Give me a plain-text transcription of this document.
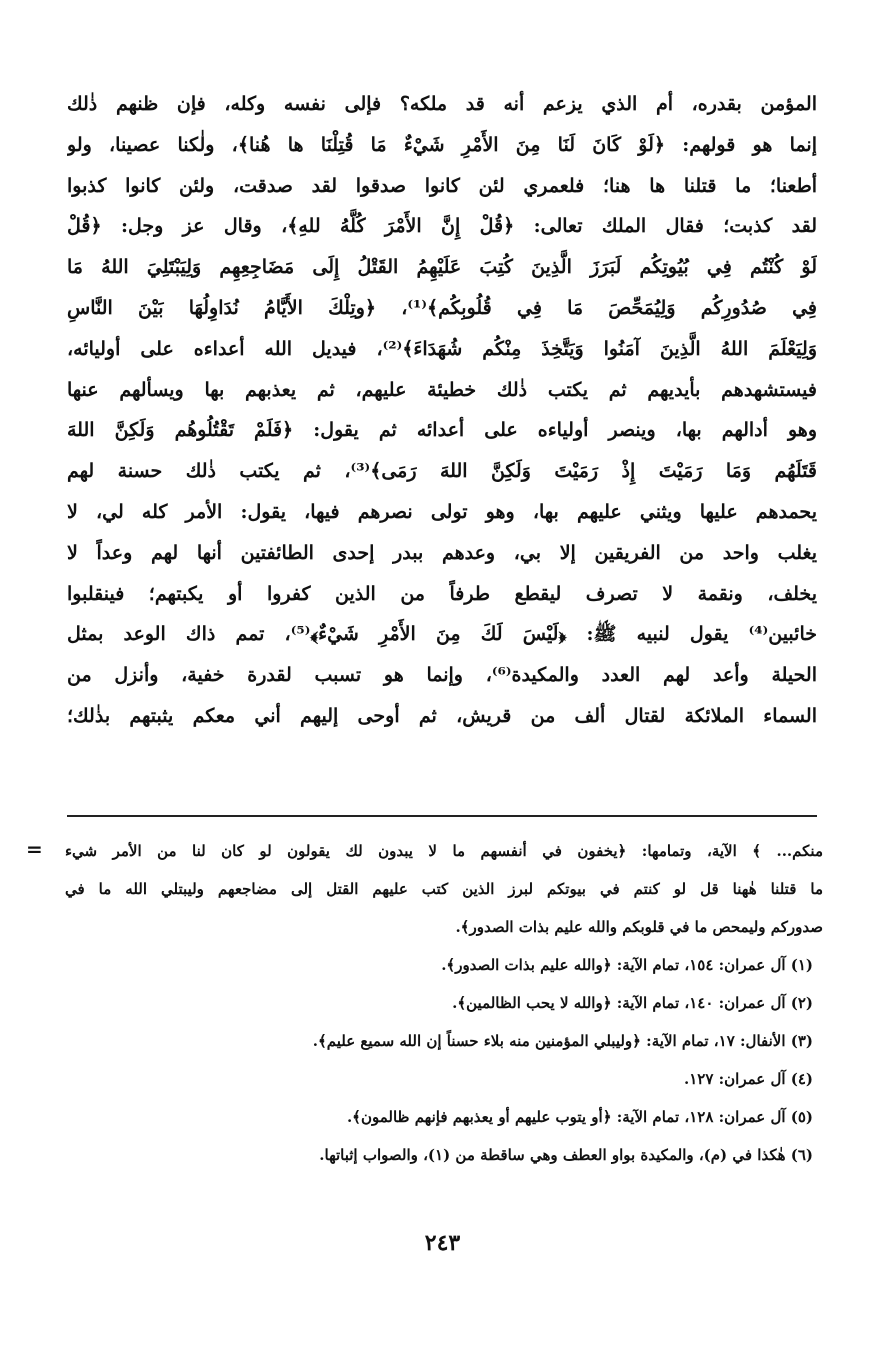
المؤمن بقدره، أم الذي يزعم أنه قد ملكه؟ فإلى نفسه وكله، فإن ظنهم ذٰلك
إنما هو قولهم: ﴿لَوْ كَانَ لَنَا مِنَ الأَمْرِ شَيْءٌ مَا قُتِلْنَا ها هُنا﴾، ولٰكنا عصينا، ولو
أطعنا؛ ما قتلنا ها هنا؛ فلعمري لئن كانوا صدقوا لقد صدقت، ولئن كانوا كذبوا
لقد كذبت؛ فقال الملك تعالى: ﴿قُلْ إِنَّ الأَمْرَ كُلَّهُ للهِ﴾، وقال عز وجل: ﴿قُلْ
لَوْ كُنْتُم فِي بُيُوتِكُم لَبَرَزَ الَّذِينَ كُتِبَ عَلَيْهِمُ القَتْلُ إِلَى مَضَاجِعِهِم وَلِيَبْتَلِيَ اللهُ مَا
فِي صُدُورِكُم وَلِيُمَحِّصَ مَا فِي قُلُوبِكُم﴾⁽¹⁾، ﴿وتِلْكَ الأَيَّامُ نُدَاوِلُهَا بَيْنَ النَّاسِ
وَلِيَعْلَمَ اللهُ الَّذِينَ آمَنُوا وَيَتَّخِذَ مِنْكُم شُهَدَاءَ﴾⁽²⁾، فيديل الله أعداءه على أوليائه،
فيستشهدهم بأيديهم ثم يكتب ذٰلك خطيئة عليهم، ثم يعذبهم بها ويسألهم عنها
وهو أدالهم بها، وينصر أولياءه على أعدائه ثم يقول: ﴿فَلَمْ تَقْتُلُوهُم وَلَكِنَّ اللهَ
قَتَلَهُم وَمَا رَمَيْتَ إِذْ رَمَيْتَ وَلَكِنَّ اللهَ رَمَى﴾⁽³⁾، ثم يكتب ذٰلك حسنة لهم
يحمدهم عليها ويثني عليهم بها، وهو تولى نصرهم فيها، يقول: الأمر كله لي، لا
يغلب واحد من الفريقين إلا بي، وعدهم ببدر إحدى الطائفتين أنها لهم وعداً لا
يخلف، ونقمة لا تصرف ليقطع طرفاً من الذين كفروا أو يكبتهم؛ فينقلبوا
خائبين⁽⁴⁾ يقول لنبيه ﷺ: ﴿لَيْسَ لَكَ مِنَ الأَمْرِ شَيْءٌ﴾⁽⁵⁾، تمم ذاك الوعد بمثل
الحيلة وأعد لهم العدد والمكيدة⁽⁶⁾، وإنما هو تسبب لقدرة خفية، وأنزل من
السماء الملائكة لقتال ألف من قريش، ثم أوحى إليهم أني معكم يثبتهم بذٰلك؛
= منكم... ﴾ الآية، وتمامها: ﴿يخفون في أنفسهم ما لا يبدون لك يقولون لو كان لنا من الأمر شيء
ما قتلنا هٰهنا قل لو كنتم في بيوتكم لبرز الذين كتب عليهم القتل إلى مضاجعهم وليبتلي الله ما في
صدوركم وليمحص ما في قلوبكم والله عليم بذات الصدور﴾.
(١) آل عمران: ١٥٤، تمام الآية: ﴿والله عليم بذات الصدور﴾.
(٢) آل عمران: ١٤٠، تمام الآية: ﴿والله لا يحب الظالمين﴾.
(٣) الأنفال: ١٧، تمام الآية: ﴿وليبلي المؤمنين منه بلاء حسناً إن الله سميع عليم﴾.
(٤) آل عمران: ١٢٧.
(٥) آل عمران: ١٢٨، تمام الآية: ﴿أو يتوب عليهم أو يعذبهم فإنهم ظالمون﴾.
(٦) هٰكذا في (م)، والمكيدة بواو العطف وهي ساقطة من (١)، والصواب إثباتها.
٢٤٣
